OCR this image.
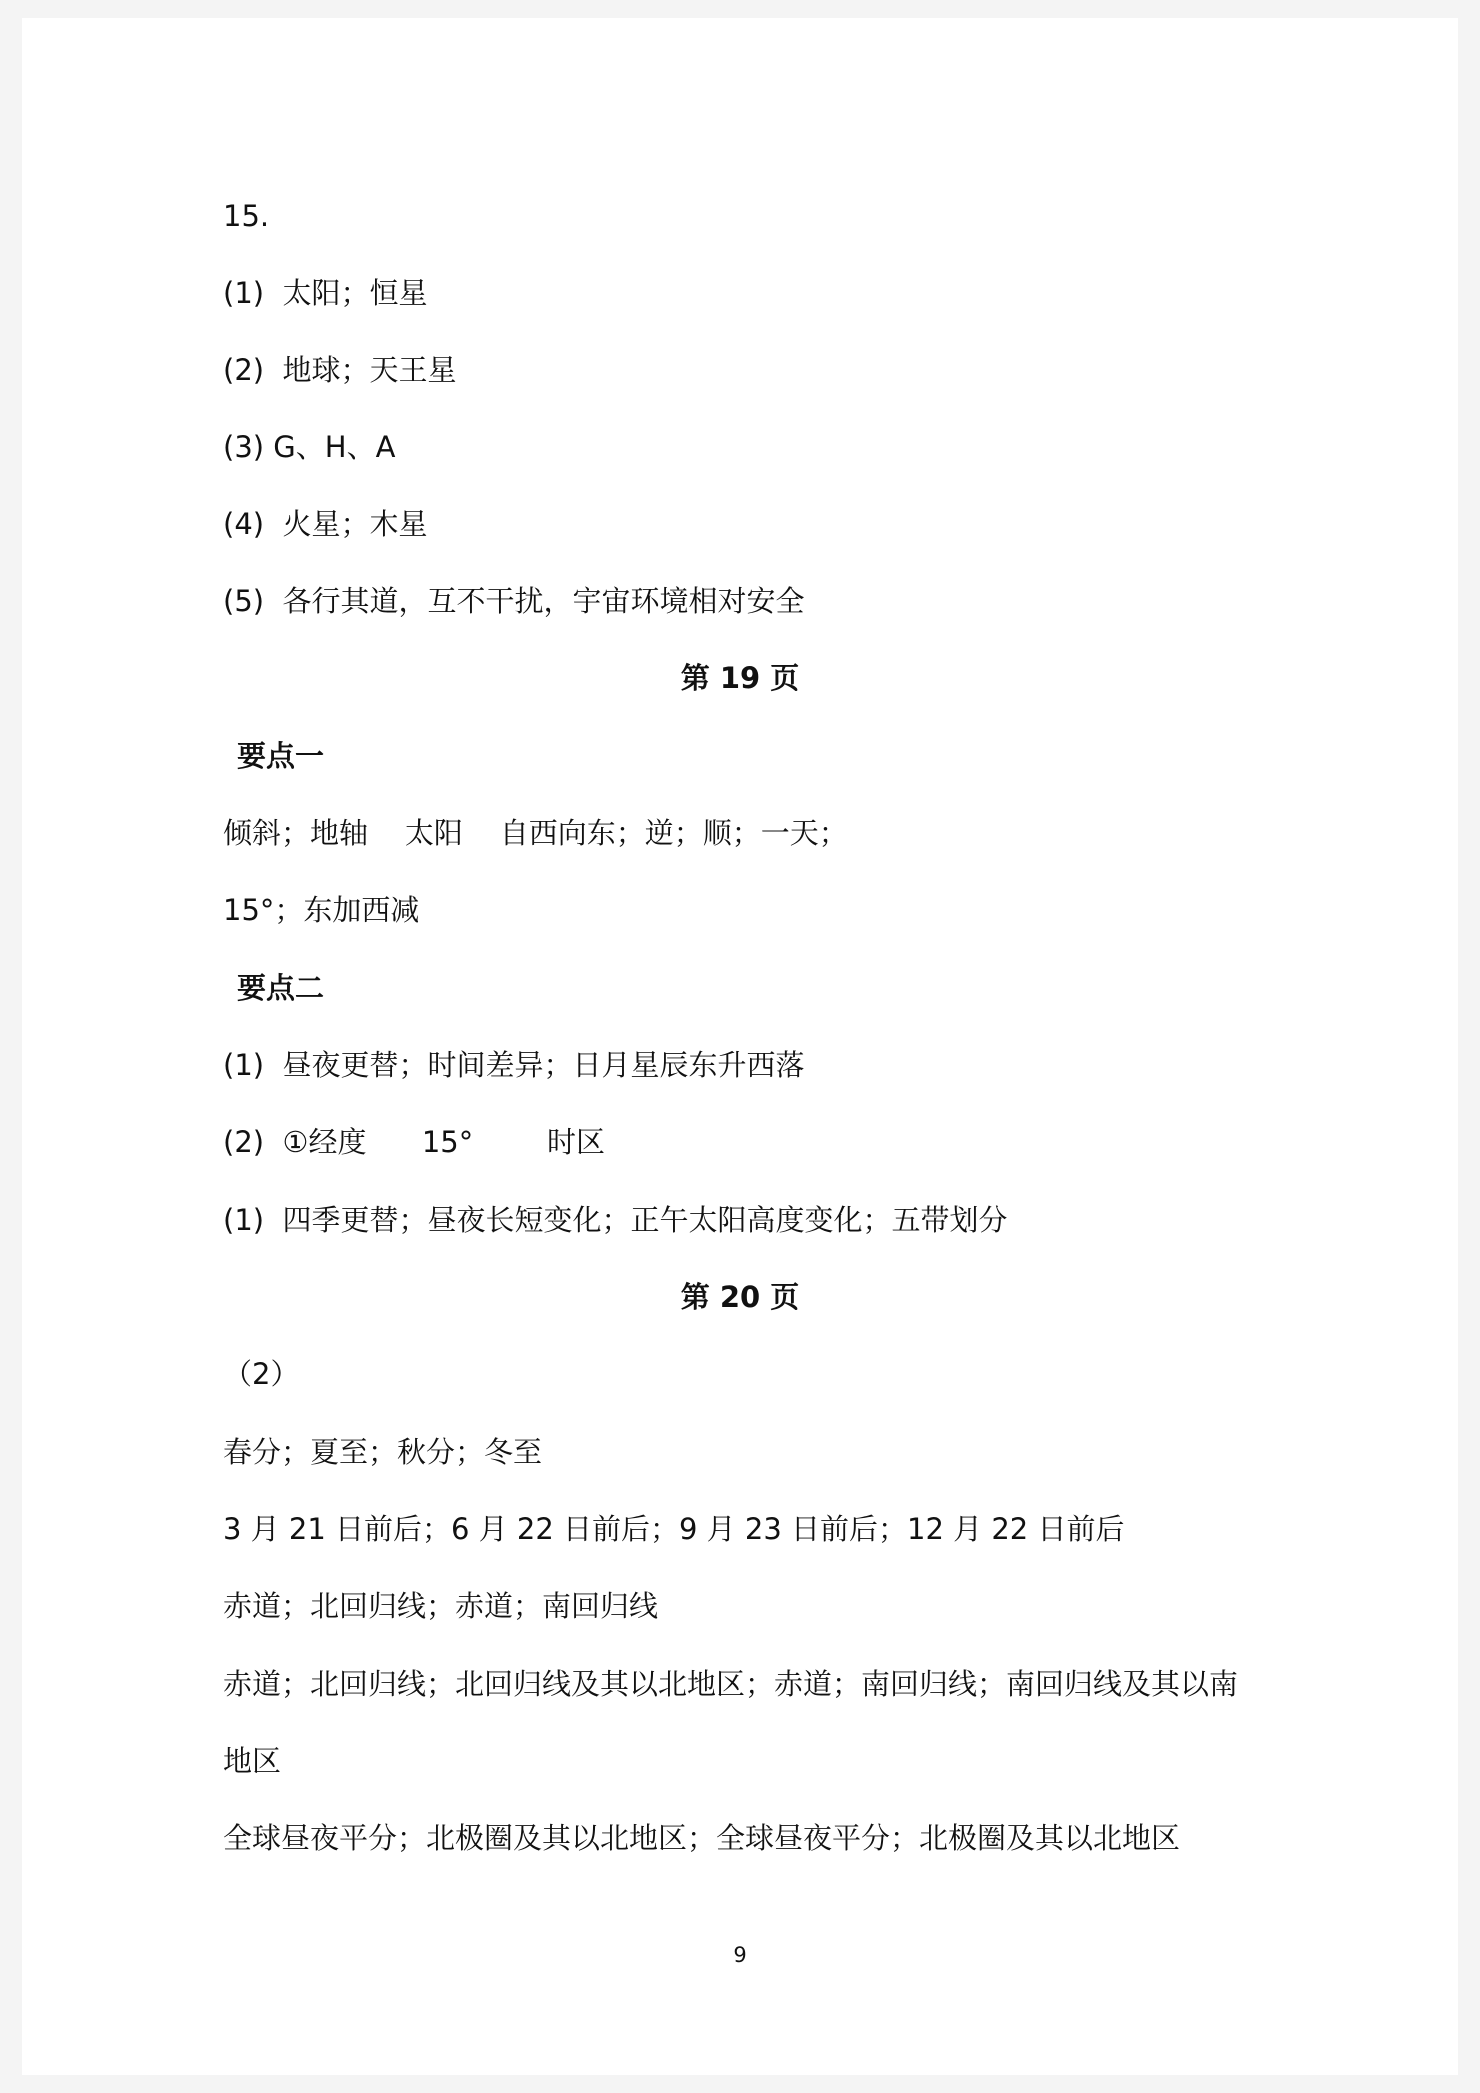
15.
(1)  太阳；恒星
(2)  地球；天王星
(3) G、H、A
(4)  火星；木星
(5)  各行其道，互不干扰，宇宙环境相对安全
第 19 页
要点一
倾斜；地轴    太阳    自西向东；逆；顺；一天；
15°；东加西减
要点二
(1)  昼夜更替；时间差异；日月星辰东升西落
(2)  ①经度      15°        时区
(1)  四季更替；昼夜长短变化；正午太阳高度变化；五带划分
第 20 页
（2）
春分；夏至；秋分；冬至
3 月 21 日前后；6 月 22 日前后；9 月 23 日前后；12 月 22 日前后
赤道；北回归线；赤道；南回归线
赤道；北回归线；北回归线及其以北地区；赤道；南回归线；南回归线及其以南
地区
全球昼夜平分；北极圈及其以北地区；全球昼夜平分；北极圈及其以北地区
9
